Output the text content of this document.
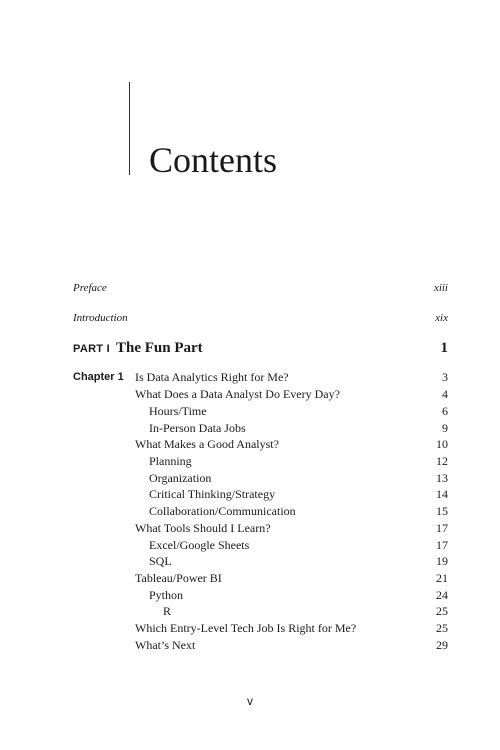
Contents
Preface	xiii
Introduction	xix
PART I The Fun Part	1
Chapter 1 Is Data Analytics Right for Me?	3
What Does a Data Analyst Do Every Day?	4
Hours/Time	6
In-Person Data Jobs	9
What Makes a Good Analyst?	10
Planning	12
Organization	13
Critical Thinking/Strategy	14
Collaboration/Communication	15
What Tools Should I Learn?	17
Excel/Google Sheets	17
SQL	19
Tableau/Power BI	21
Python	24
R	25
Which Entry-Level Tech Job Is Right for Me?	25
What’s Next	29
v
